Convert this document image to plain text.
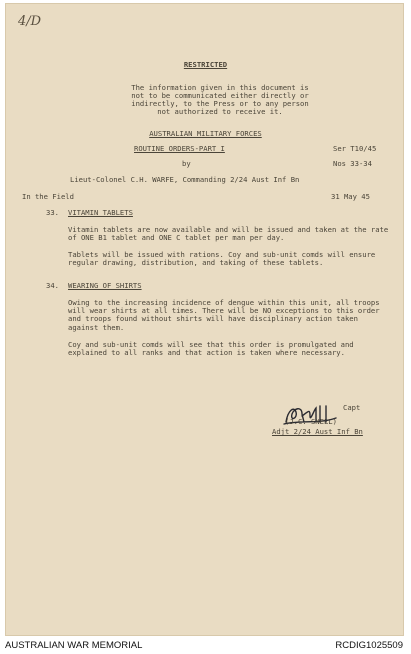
4/D
RESTRICTED
The information given in this document is
not to be communicated either directly or
indirectly, to the Press or to any person
not authorized to receive it.
AUSTRALIAN MILITARY FORCES
ROUTINE ORDERS-PART I	Ser T10/45
by	Nos 33-34
Lieut-Colonel C.H. WARFE, Commanding 2/24 Aust Inf Bn
In the Field	31 May 45
33. VITAMIN TABLETS
Vitamin tablets are now available and will be issued and taken at the rate of ONE B1 tablet and ONE C tablet per man per day.
Tablets will be issued with rations. Coy and sub-unit comds will ensure regular drawing, distribution, and taking of these tablets.
34. WEARING OF SHIRTS
Owing to the increasing incidence of dengue within this unit, all troops will wear shirts at all times. There will be NO exceptions to this order and troops found without shirts will have disciplinary action taken against them.
Coy and sub-unit comds will see that this order is promulgated and explained to all ranks and that action is taken where necessary.
Capt
(J.C. SNELL)
Adjt 2/24 Aust Inf Bn
AUSTRALIAN WAR MEMORIAL	RCDIG1025509
